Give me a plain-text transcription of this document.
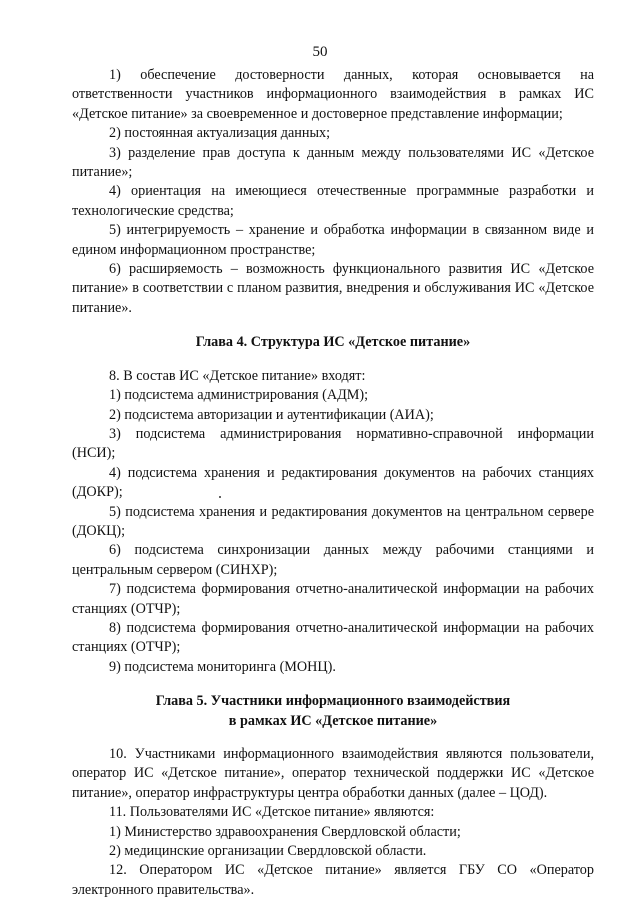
50

1) обеспечение достоверности данных, которая основывается на ответственности участников информационного взаимодействия в рамках ИС «Детское питание» за своевременное и достоверное представление информации;

2) постоянная актуализация данных;

3) разделение прав доступа к данным между пользователями ИС «Детское питание»;

4) ориентация на имеющиеся отечественные программные разработки и технологические средства;

5) интегрируемость – хранение и обработка информации в связанном виде и едином информационном пространстве;

6) расширяемость – возможность функционального развития ИС «Детское питание» в соответствии с планом развития, внедрения и обслуживания ИС «Детское питание».

Глава 4. Структура ИС «Детское питание»

8. В состав ИС «Детское питание» входят:

1) подсистема администрирования (АДМ);

2) подсистема авторизации и аутентификации (АИА);

3) подсистема администрирования нормативно-справочной информации (НСИ);

4) подсистема хранения и редактирования документов на рабочих станциях (ДОКР);

5) подсистема хранения и редактирования документов на центральном сервере (ДОКЦ);

6) подсистема синхронизации данных между рабочими станциями и центральным сервером (СИНХР);

7) подсистема формирования отчетно-аналитической информации на рабочих станциях (ОТЧР);

8) подсистема формирования отчетно-аналитической информации на рабочих станциях (ОТЧР);

9) подсистема мониторинга (МОНЦ).

Глава 5. Участники информационного взаимодействия
в рамках ИС «Детское питание»

10. Участниками информационного взаимодействия являются пользователи, оператор ИС «Детское питание», оператор технической поддержки ИС «Детское питание», оператор инфраструктуры центра обработки данных (далее – ЦОД).

11. Пользователями ИС «Детское питание» являются:

1) Министерство здравоохранения Свердловской области;

2) медицинские организации Свердловской области.

12. Оператором ИС «Детское питание» является ГБУ СО «Оператор электронного правительства».
